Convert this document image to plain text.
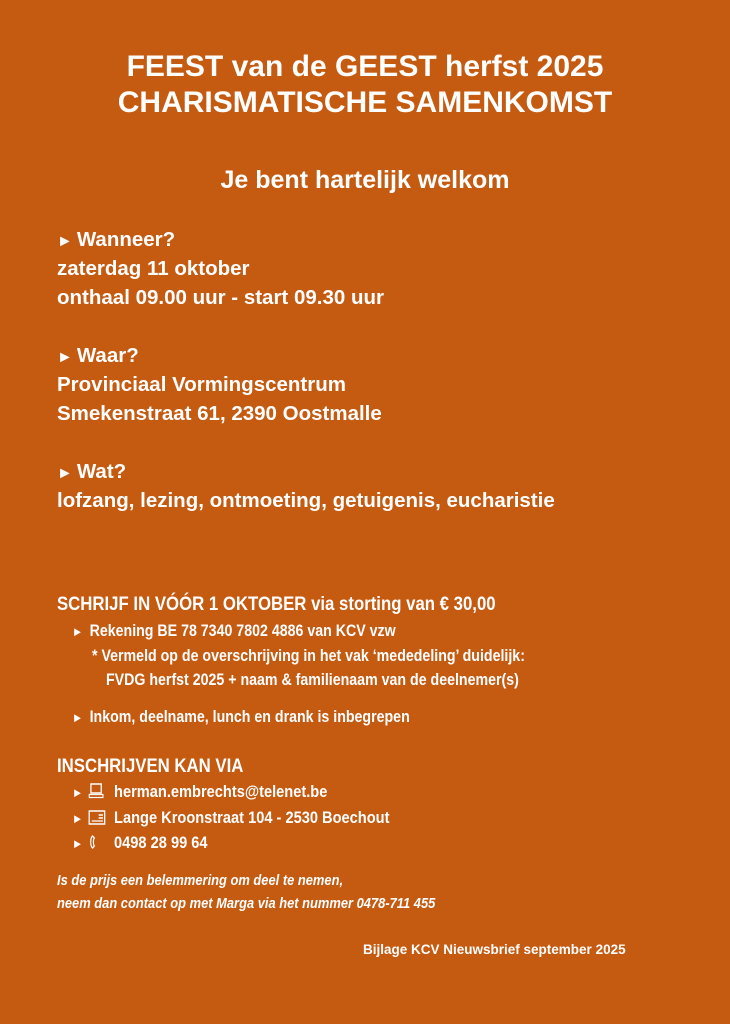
FEEST van de GEEST herfst 2025
CHARISMATISCHE SAMENKOMST
Je bent hartelijk welkom
► Wanneer?
zaterdag 11 oktober
onthaal 09.00 uur - start 09.30 uur
► Waar?
Provinciaal Vormingscentrum
Smekenstraat 61, 2390 Oostmalle
► Wat?
lofzang, lezing, ontmoeting, getuigenis, eucharistie
SCHRIJF IN VÓÓR 1 OKTOBER via storting van € 30,00
► Rekening BE 78 7340 7802 4886 van KCV vzw
* Vermeld op de overschrijving in het vak ‘mededeling’ duidelijk:
FVDG herfst 2025 + naam & familienaam van de deelnemer(s)
► Inkom, deelname, lunch en drank is inbegrepen
INSCHRIJVEN KAN VIA
► herman.embrechts@telenet.be
► Lange Kroonstraat 104 - 2530 Boechout
► 0498 28 99 64
Is de prijs een belemmering om deel te nemen,
neem dan contact op met Marga via het nummer 0478-711 455
Bijlage KCV Nieuwsbrief september 2025
